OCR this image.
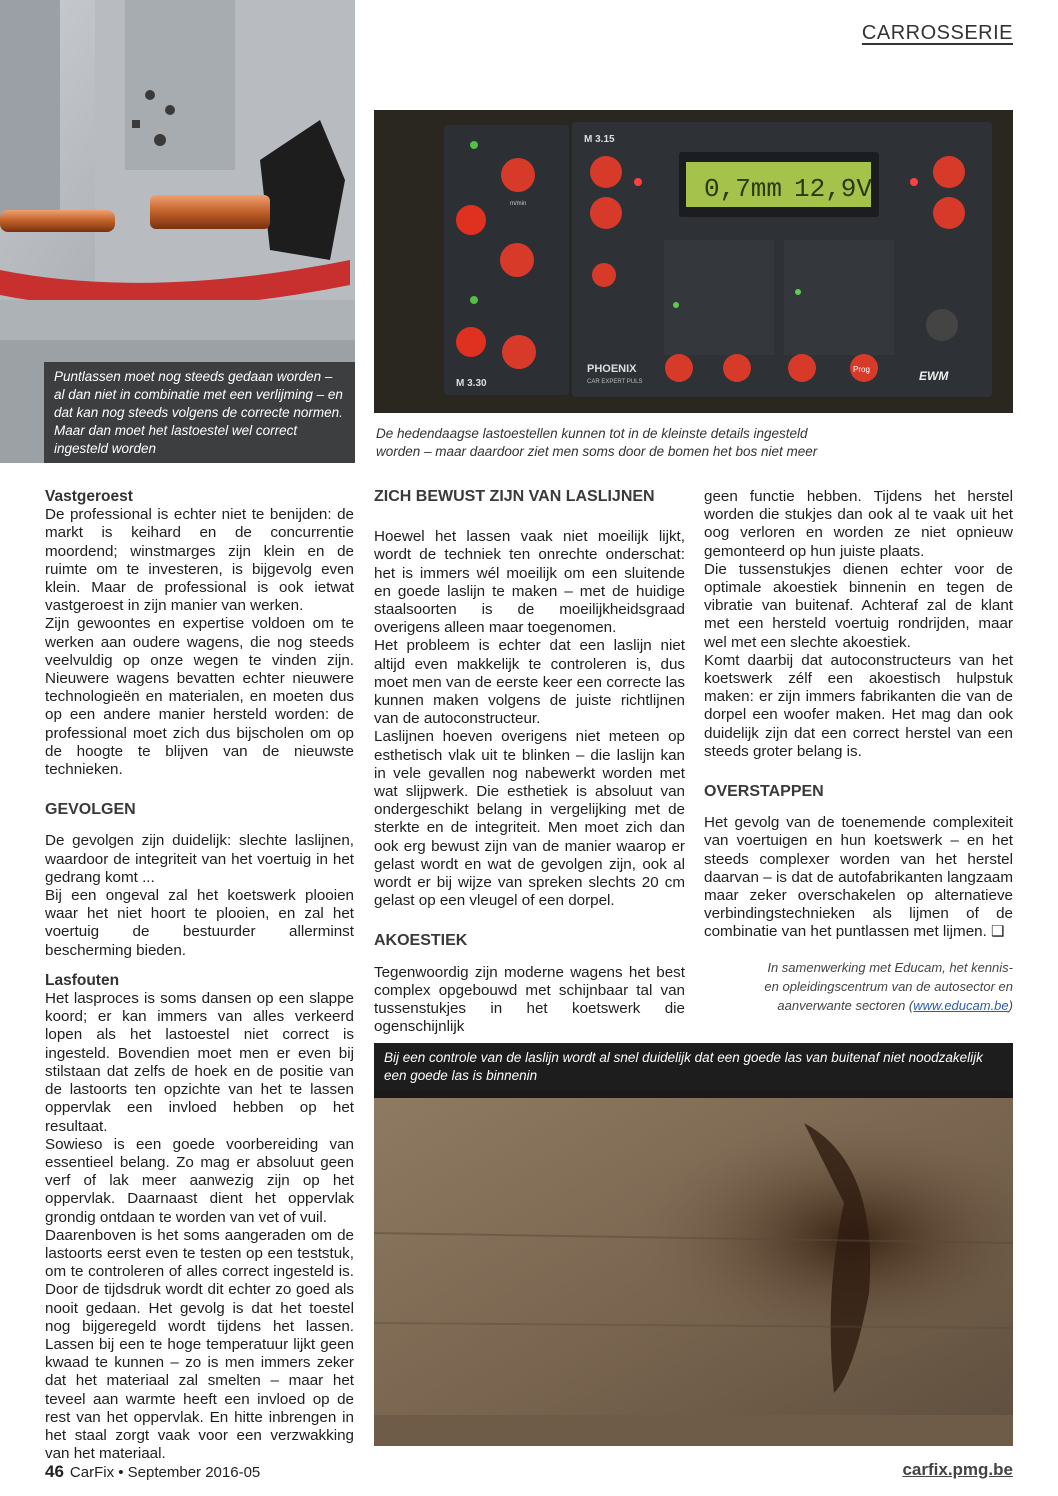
CARROSSERIE
Puntlassen moet nog steeds gedaan worden – al dan niet in combinatie met een verlijming – en dat kan nog steeds volgens de correcte normen. Maar dan moet het lastoestel wel correct ingesteld worden
0,7mm 12,9V
Prog
M 3.15
M 3.30
PHOENIX
CAR EXPERT PULS	EWM
m/min
De hedendaagse lastoestellen kunnen tot in de kleinste details ingesteld worden – maar daardoor ziet men soms door de bomen het bos niet meer
Vastgeroest

De professional is echter niet te benijden: de markt is keihard en de concurrentie moordend; winstmarges zijn klein en de ruimte om te investeren, is bijgevolg even klein. Maar de professional is ook ietwat vastgeroest in zijn manier van werken.

Zijn gewoontes en expertise voldoen om te werken aan oudere wagens, die nog steeds veelvuldig op onze wegen te vinden zijn. Nieuwere wagens bevatten echter nieuwere technologieën en materialen, en moeten dus op een andere manier hersteld worden: de professional moet zich dus bijscholen om op de hoogte te blijven van de nieuwste technieken.

GEVOLGEN

De gevolgen zijn duidelijk: slechte laslijnen, waardoor de integriteit van het voertuig in het gedrang komt ...

Bij een ongeval zal het koetswerk plooien waar het niet hoort te plooien, en zal het voertuig de bestuurder allerminst bescherming bieden.

Lasfouten

Het lasproces is soms dansen op een slappe koord; er kan immers van alles verkeerd lopen als het lastoestel niet correct is ingesteld. Bovendien moet men er even bij stilstaan dat zelfs de hoek en de positie van de lastoorts ten opzichte van het te lassen oppervlak een invloed hebben op het resultaat.

Sowieso is een goede voorbereiding van essentieel belang. Zo mag er absoluut geen verf of lak meer aanwezig zijn op het oppervlak. Daarnaast dient het oppervlak grondig ontdaan te worden van vet of vuil.

Daarenboven is het soms aangeraden om de lastoorts eerst even te testen op een teststuk, om te controleren of alles correct ingesteld is. Door de tijdsdruk wordt dit echter zo goed als nooit gedaan. Het gevolg is dat het toestel nog bijgeregeld wordt tijdens het lassen. Lassen bij een te hoge temperatuur lijkt geen kwaad te kunnen – zo is men immers zeker dat het materiaal zal smelten – maar het teveel aan warmte heeft een invloed op de rest van het oppervlak. En hitte inbrengen in het staal zorgt vaak voor een verzwakking van het materiaal.

ZICH BEWUST ZIJN VAN LASLIJNEN

Hoewel het lassen vaak niet moeilijk lijkt, wordt de techniek ten onrechte onderschat: het is immers wél moeilijk om een sluitende en goede laslijn te maken – met de huidige staalsoorten is de moeilijkheidsgraad overigens alleen maar toegenomen.

Het probleem is echter dat een laslijn niet altijd even makkelijk te controleren is, dus moet men van de eerste keer een correcte las kunnen maken volgens de juiste richtlijnen van de autoconstructeur.

Laslijnen hoeven overigens niet meteen op esthetisch vlak uit te blinken – die laslijn kan in vele gevallen nog nabewerkt worden met wat slijpwerk. Die esthetiek is absoluut van ondergeschikt belang in vergelijking met de sterkte en de integriteit. Men moet zich dan ook erg bewust zijn van de manier waarop er gelast wordt en wat de gevolgen zijn, ook al wordt er bij wijze van spreken slechts 20 cm gelast op een vleugel of een dorpel.

AKOESTIEK

Tegenwoordig zijn moderne wagens het best complex opgebouwd met schijnbaar tal van tussenstukjes in het koetswerk die ogenschijnlijk

geen functie hebben. Tijdens het herstel worden die stukjes dan ook al te vaak uit het oog verloren en worden ze niet opnieuw gemonteerd op hun juiste plaats.

Die tussenstukjes dienen echter voor de optimale akoestiek binnenin en tegen de vibratie van buitenaf. Achteraf zal de klant met een hersteld voertuig rondrijden, maar wel met een slechte akoestiek.

Komt daarbij dat autoconstructeurs van het koetswerk zélf een akoestisch hulpstuk maken: er zijn immers fabrikanten die van de dorpel een woofer maken. Het mag dan ook duidelijk zijn dat een correct herstel van een steeds groter belang is.

OVERSTAPPEN

Het gevolg van de toenemende complexiteit van voertuigen en hun koetswerk – en het steeds complexer worden van het herstel daarvan – is dat de autofabrikanten langzaam maar zeker overschakelen op alternatieve verbindingstechnieken als lijmen of de combinatie van het puntlassen met lijmen. ❑

In samenwerking met Educam, het kennis- en opleidingscentrum van de autosector en aanverwante sectoren (www.educam.be)
Bij een controle van de laslijn wordt al snel duidelijk dat een goede las van buitenaf niet noodzakelijk een goede las is binnenin
46 CarFix • September 2016-05	carfix.pmg.be
